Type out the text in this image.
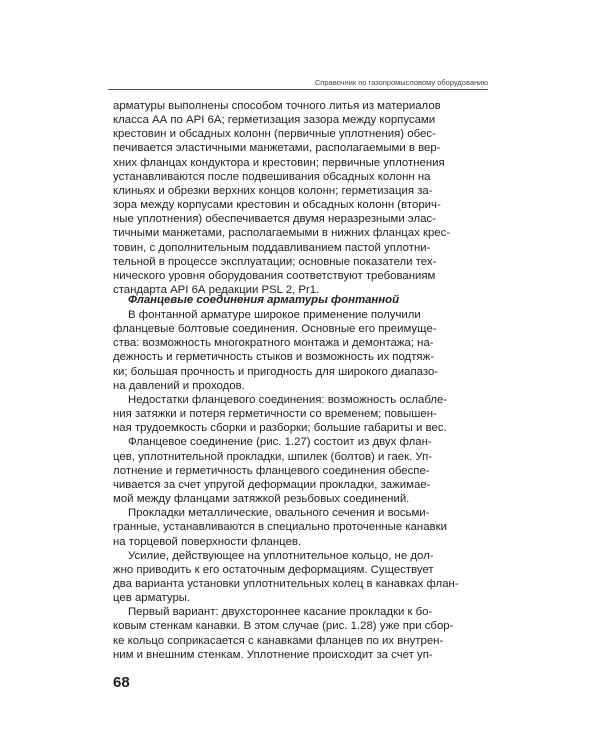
Справочник по газопромысловому оборудованию
арматуры выполнены способом точного литья из материалов
класса АА по API 6А; герметизация зазора между корпусами
крестовин и обсадных колонн (первичные уплотнения) обес-
печивается эластичными манжетами, располагаемыми в вер-
хних фланцах кондуктора и крестовин; первичные уплотнения
устанавливаются после подвешивания обсадных колонн на
клиньях и обрезки верхних концов колонн; герметизация за-
зора между корпусами крестовин и обсадных колонн (вторич-
ные уплотнения) обеспечивается двумя неразрезными элас-
тичными манжетами, располагаемыми в нижних фланцах крес-
товин, с дополнительным поддавливанием пастой уплотни-
тельной в процессе эксплуатации; основные показатели тех-
нического уровня оборудования соответствуют требованиям
стандарта API 6А редакции PSL 2, Pr1.
Фланцевые соединения арматуры фонтанной
В фонтанной арматуре широкое применение получили
фланцевые болтовые соединения. Основные его преимуще-
ства: возможность многократного монтажа и демонтажа; на-
дежность и герметичность стыков и возможность их подтяж-
ки; большая прочность и пригодность для широкого диапазо-
на давлений и проходов.
Недостатки фланцевого соединения: возможность ослабле-
ния затяжки и потеря герметичности со временем; повышен-
ная трудоемкость сборки и разборки; большие габариты и вес.
Фланцевое соединение (рис. 1.27) состоит из двух флан-
цев, уплотнительной прокладки, шпилек (болтов) и гаек. Уп-
лотнение и герметичность фланцевого соединения обеспе-
чивается за счет упругой деформации прокладки, зажимае-
мой между фланцами затяжкой резьбовых соединений.
Прокладки металлические, овального сечения и восьми-
гранные, устанавливаются в специально проточенные канавки
на торцевой поверхности фланцев.
Усилие, действующее на уплотнительное кольцо, не дол-
жно приводить к его остаточным деформациям. Существует
два варианта установки уплотнительных колец в канавках флан-
цев арматуры.
Первый вариант: двухстороннее касание прокладки к бо-
ковым стенкам канавки. В этом случае (рис. 1.28) уже при сбор-
ке кольцо соприкасается с канавками фланцев по их внутрен-
ним и внешним стенкам. Уплотнение происходит за счет уп-
68
